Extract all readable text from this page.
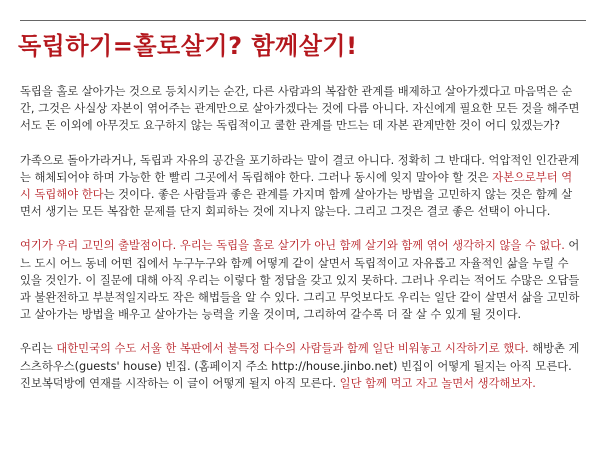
독립하기=홀로살기? 함께살기!

독립을 홀로 살아가는 것으로 등치시키는 순간, 다른 사람과의 복잡한 관계를 배제하고 살아가겠다고 마음먹은 순간, 그것은 사실상 자본이 엮어주는 관계만으로 살아가겠다는 것에 다름 아니다. 자신에게 필요한 모든 것을 해주면서도 돈 이외에 아무것도 요구하지 않는 독립적이고 쿨한 관계를 만드는 데 자본 관계만한 것이 어디 있겠는가?

가족으로 돌아가라거나, 독립과 자유의 공간을 포기하라는 말이 결코 아니다. 정확히 그 반대다. 억압적인 인간관계는 해체되어야 하며 가능한 한 빨리 그곳에서 독립해야 한다. 그러나 동시에 잊지 말아야 할 것은 자본으로부터 역시 독립해야 한다는 것이다. 좋은 사람들과 좋은 관계를 가지며 함께 살아가는 방법을 고민하지 않는 것은 함께 살면서 생기는 모든 복잡한 문제를 단지 회피하는 것에 지나지 않는다. 그리고 그것은 결코 좋은 선택이 아니다.

여기가 우리 고민의 출발점이다. 우리는 독립을 홀로 살기가 아닌 함께 살기와 함께 엮어 생각하지 않을 수 없다. 어느 도시 어느 동네 어떤 집에서 누구누구와 함께 어떻게 같이 살면서 독립적이고 자유롭고 자율적인 삶을 누릴 수 있을 것인가. 이 질문에 대해 아직 우리는 이렇다 할 정답을 갖고 있지 못하다. 그러나 우리는 적어도 수많은 오답들과 불완전하고 부분적일지라도 작은 해법들을 알 수 있다. 그리고 무엇보다도 우리는 일단 같이 살면서 삶을 고민하고 살아가는 방법을 배우고 살아가는 능력을 키울 것이며, 그리하여 갈수록 더 잘 살 수 있게 될 것이다.

우리는 대한민국의 수도 서울 한 복판에서 불특정 다수의 사람들과 함께 일단 비워놓고 시작하기로 했다. 해방촌 게스츠하우스(guests' house) 빈집. (홈페이지 주소 http://house.jinbo.net) 빈집이 어떻게 될지는 아직 모른다. 진보복덕방에 연재를 시작하는 이 글이 어떻게 될지 아직 모른다. 일단 함께 먹고 자고 놀면서 생각해보자.
